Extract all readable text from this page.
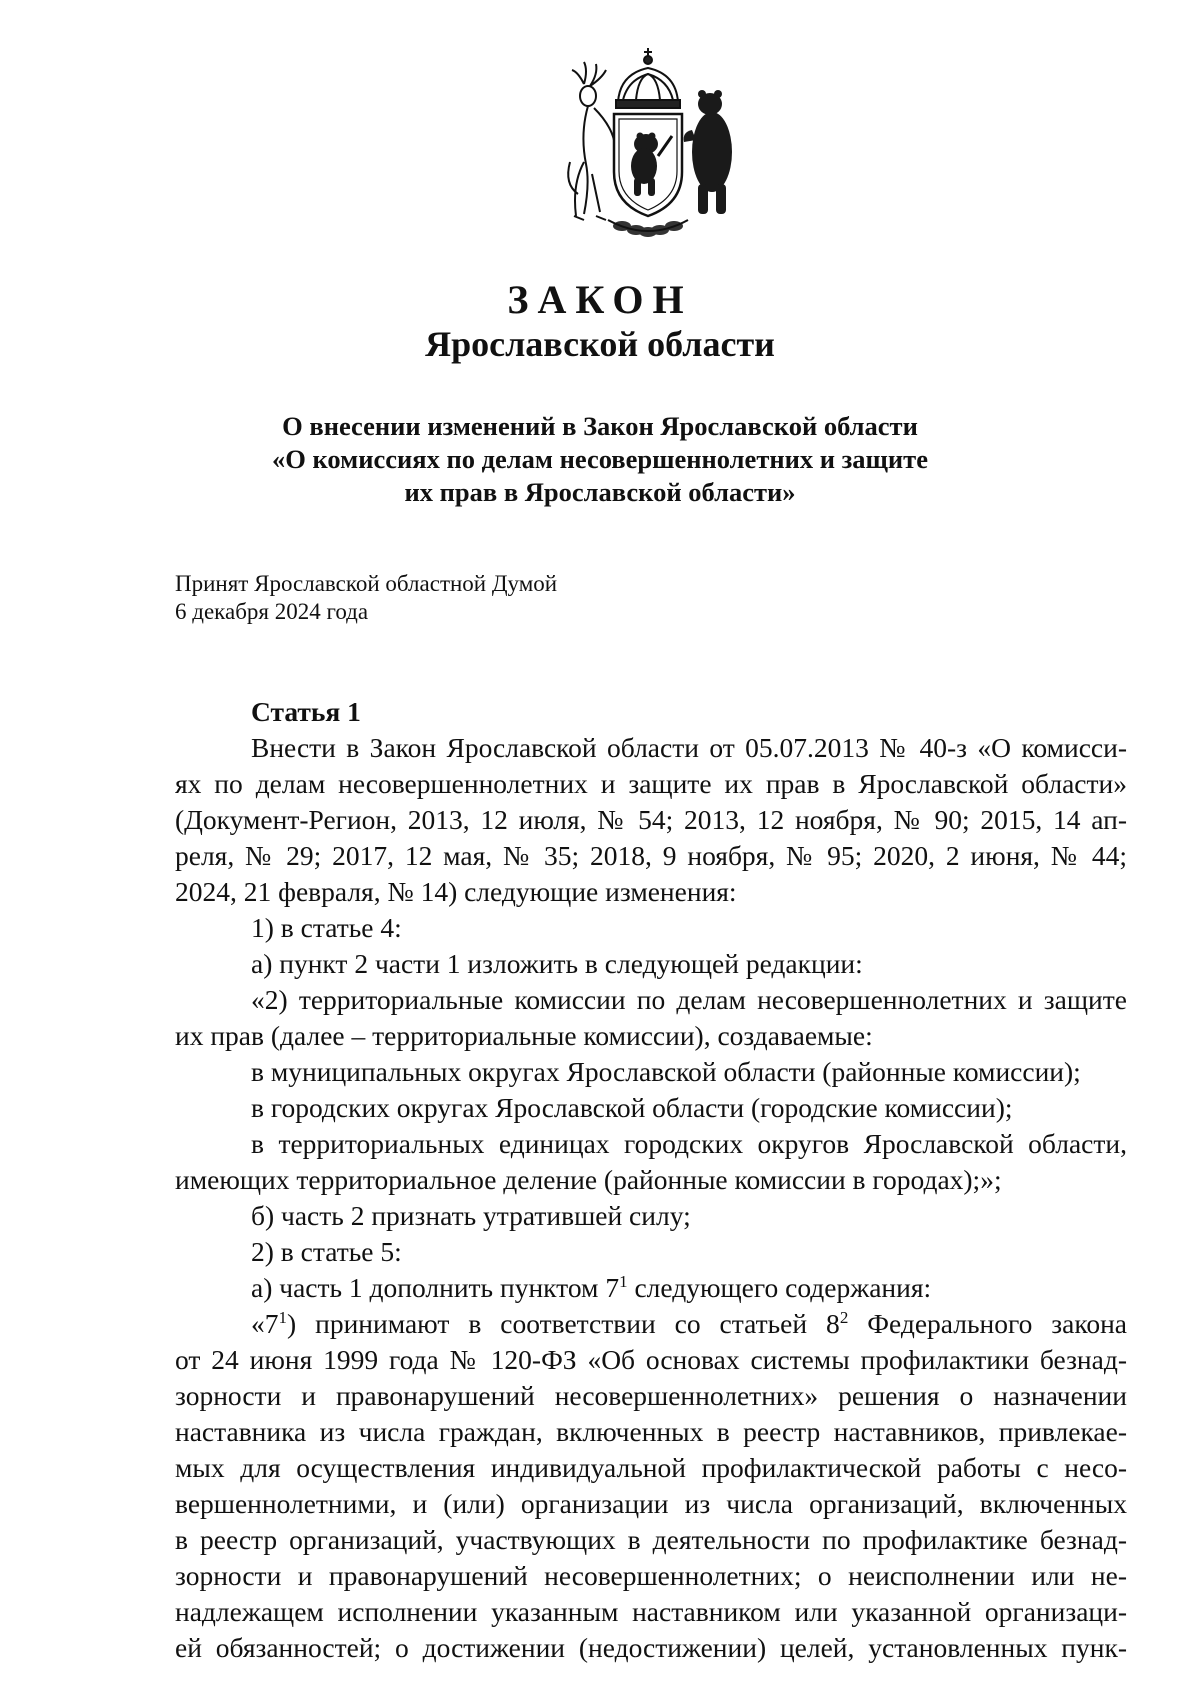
ЗАКОН
Ярославской области
О внесении изменений в Закон Ярославской области
«О комиссиях по делам несовершеннолетних и защите
их прав в Ярославской области»
Принят Ярославской областной Думой
6 декабря 2024 года
Статья 1
Внести в Закон Ярославской области от 05.07.2013 № 40-з «О комисси-
ях по делам несовершеннолетних и защите их прав в Ярославской области»
(Документ-Регион, 2013, 12 июля, № 54; 2013, 12 ноября, № 90; 2015, 14 ап-
реля, № 29; 2017, 12 мая, № 35; 2018, 9 ноября, № 95; 2020, 2 июня, № 44;
2024, 21 февраля, № 14) следующие изменения:
1) в статье 4:
а) пункт 2 части 1 изложить в следующей редакции:
«2) территориальные комиссии по делам несовершеннолетних и защите
их прав (далее – территориальные комиссии), создаваемые:
в муниципальных округах Ярославской области (районные комиссии);
в городских округах Ярославской области (городские комиссии);
в территориальных единицах городских округов Ярославской области,
имеющих территориальное деление (районные комиссии в городах);»;
б) часть 2 признать утратившей силу;
2) в статье 5:
а) часть 1 дополнить пунктом $7^1$ следующего содержания:
«$7^1$) принимают в соответствии со статьей $8^2$ Федерального закона
от 24 июня 1999 года № 120-ФЗ «Об основах системы профилактики безнад-
зорности и правонарушений несовершеннолетних» решения о назначении
наставника из числа граждан, включенных в реестр наставников, привлекае-
мых для осуществления индивидуальной профилактической работы с несо-
вершеннолетними, и (или) организации из числа организаций, включенных
в реестр организаций, участвующих в деятельности по профилактике безнад-
зорности и правонарушений несовершеннолетних; о неисполнении или не-
надлежащем исполнении указанным наставником или указанной организаци-
ей обязанностей; о достижении (недостижении) целей, установленных пунк-
